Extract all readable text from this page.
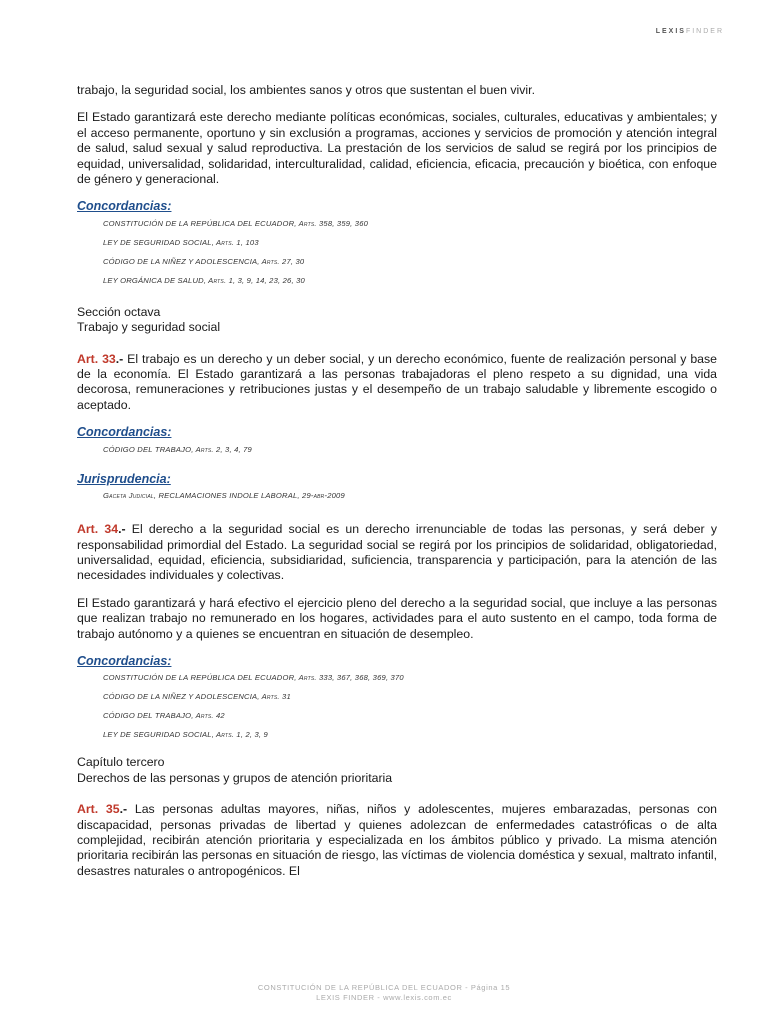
LEXISFINDER

trabajo, la seguridad social, los ambientes sanos y otros que sustentan el buen vivir.

El Estado garantizará este derecho mediante políticas económicas, sociales, culturales, educativas y ambientales; y el acceso permanente, oportuno y sin exclusión a programas, acciones y servicios de promoción y atención integral de salud, salud sexual y salud reproductiva. La prestación de los servicios de salud se regirá por los principios de equidad, universalidad, solidaridad, interculturalidad, calidad, eficiencia, eficacia, precaución y bioética, con enfoque de género y generacional.

Concordancias:
CONSTITUCIÓN DE LA REPÚBLICA DEL ECUADOR, Arts. 358, 359, 360
LEY DE SEGURIDAD SOCIAL, Arts. 1, 103
CÓDIGO DE LA NIÑEZ Y ADOLESCENCIA, Arts. 27, 30
LEY ORGÁNICA DE SALUD, Arts. 1, 3, 9, 14, 23, 26, 30
Sección octava
Trabajo y seguridad social

Art. 33.- El trabajo es un derecho y un deber social, y un derecho económico, fuente de realización personal y base de la economía. El Estado garantizará a las personas trabajadoras el pleno respeto a su dignidad, una vida decorosa, remuneraciones y retribuciones justas y el desempeño de un trabajo saludable y libremente escogido o aceptado.

Concordancias:
CÓDIGO DEL TRABAJO, Arts. 2, 3, 4, 79
Jurisprudencia:
Gaceta Judicial, RECLAMACIONES INDOLE LABORAL, 29-abr-2009

Art. 34.- El derecho a la seguridad social es un derecho irrenunciable de todas las personas, y será deber y responsabilidad primordial del Estado. La seguridad social se regirá por los principios de solidaridad, obligatoriedad, universalidad, equidad, eficiencia, subsidiaridad, suficiencia, transparencia y participación, para la atención de las necesidades individuales y colectivas.

El Estado garantizará y hará efectivo el ejercicio pleno del derecho a la seguridad social, que incluye a las personas que realizan trabajo no remunerado en los hogares, actividades para el auto sustento en el campo, toda forma de trabajo autónomo y a quienes se encuentran en situación de desempleo.

Concordancias:
CONSTITUCIÓN DE LA REPÚBLICA DEL ECUADOR, Arts. 333, 367, 368, 369, 370
CÓDIGO DE LA NIÑEZ Y ADOLESCENCIA, Arts. 31
CÓDIGO DEL TRABAJO, Arts. 42
LEY DE SEGURIDAD SOCIAL, Arts. 1, 2, 3, 9
Capítulo tercero
Derechos de las personas y grupos de atención prioritaria

Art. 35.- Las personas adultas mayores, niñas, niños y adolescentes, mujeres embarazadas, personas con discapacidad, personas privadas de libertad y quienes adolezcan de enfermedades catastróficas o de alta complejidad, recibirán atención prioritaria y especializada en los ámbitos público y privado. La misma atención prioritaria recibirán las personas en situación de riesgo, las víctimas de violencia doméstica y sexual, maltrato infantil, desastres naturales o antropogénicos. El

CONSTITUCIÓN DE LA REPÚBLICA DEL ECUADOR - Página 15
LEXIS FINDER - www.lexis.com.ec
